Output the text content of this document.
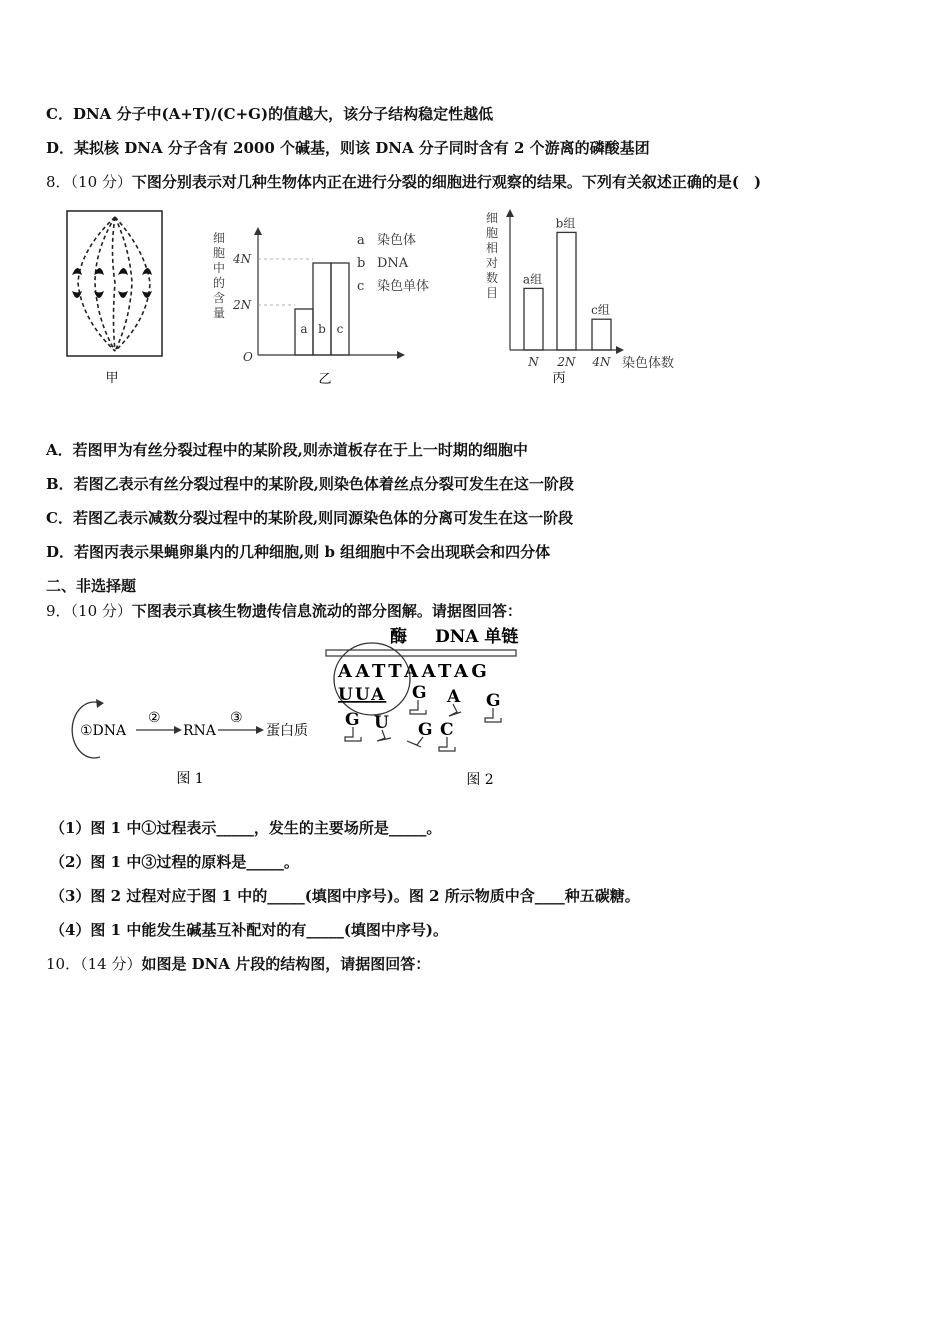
C．DNA 分子中(A+T)/(C+G)的值越大，该分子结构稳定性越低
D．某拟核 DNA 分子含有 2000 个碱基，则该 DNA 分子同时含有 2 个游离的磷酸基团
8．（10 分）下图分别表示对几种生物体内正在进行分裂的细胞进行观察的结果。下列有关叙述正确的是(　)
甲
细
胞
中
的
含
量
4N
2N
O
a b c
a 染色体
b DNA
c 染色单体
乙
细
胞
相
对
数
目
a组
N
b组
2N
c组
4N 染色体数
丙
A．若图甲为有丝分裂过程中的某阶段,则赤道板存在于上一时期的细胞中
B．若图乙表示有丝分裂过程中的某阶段,则染色体着丝点分裂可发生在这一阶段
C．若图乙表示减数分裂过程中的某阶段,则同源染色体的分离可发生在这一阶段
D．若图丙表示果蝇卵巢内的几种细胞,则 b 组细胞中不会出现联会和四分体
二、非选择题
9．（10 分）下图表示真核生物遗传信息流动的部分图解。请据图回答：
①DNA
②
RNA
③
蛋白质
图 1
酶 DNA 单链
AATTAATAG
UUA G A G
G U G C
图 2
（1）图 1 中①过程表示_____，发生的主要场所是_____。
（2）图 1 中③过程的原料是_____。
（3）图 2 过程对应于图 1 中的_____(填图中序号)。图 2 所示物质中含____种五碳糖。
（4）图 1 中能发生碱基互补配对的有_____(填图中序号)。
10．（14 分）如图是 DNA 片段的结构图，请据图回答：
